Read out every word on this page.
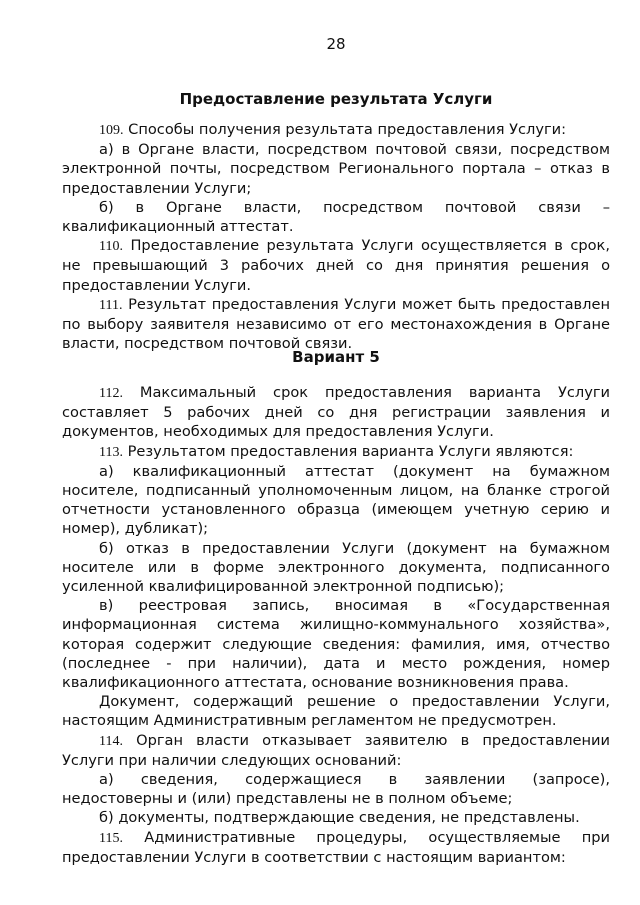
28
Предоставление результата Услуги

109. Способы получения результата предоставления Услуги:

а) в Органе власти, посредством почтовой связи, посредством электронной почты, посредством Регионального портала – отказ в предоставлении Услуги;

б) в Органе власти, посредством почтовой связи – квалификационный аттестат.

110. Предоставление результата Услуги осуществляется в срок, не превышающий 3 рабочих дней со дня принятия решения о предоставлении Услуги.

111. Результат предоставления Услуги может быть предоставлен по выбору заявителя независимо от его местонахождения в Органе власти, посредством почтовой связи.

Вариант 5

112. Максимальный срок предоставления варианта Услуги составляет 5 рабочих дней со дня регистрации заявления и документов, необходимых для предоставления Услуги.

113. Результатом предоставления варианта Услуги являются:

а) квалификационный аттестат (документ на бумажном носителе, подписанный уполномоченным лицом, на бланке строгой отчетности установленного образца (имеющем учетную серию и номер), дубликат);

б) отказ в предоставлении Услуги (документ на бумажном носителе или в форме электронного документа, подписанного усиленной квалифицированной электронной подписью);

в) реестровая запись, вносимая в «Государственная информационная система жилищно-коммунального хозяйства», которая содержит следующие сведения: фамилия, имя, отчество (последнее - при наличии), дата и место рождения, номер квалификационного аттестата, основание возникновения права.

Документ, содержащий решение о предоставлении Услуги, настоящим Административным регламентом не предусмотрен.

114. Орган власти отказывает заявителю в предоставлении Услуги при наличии следующих оснований:

а) сведения, содержащиеся в заявлении (запросе), недостоверны и (или) представлены не в полном объеме;

б) документы, подтверждающие сведения, не представлены.

115. Административные процедуры, осуществляемые при предоставлении Услуги в соответствии с настоящим вариантом:
